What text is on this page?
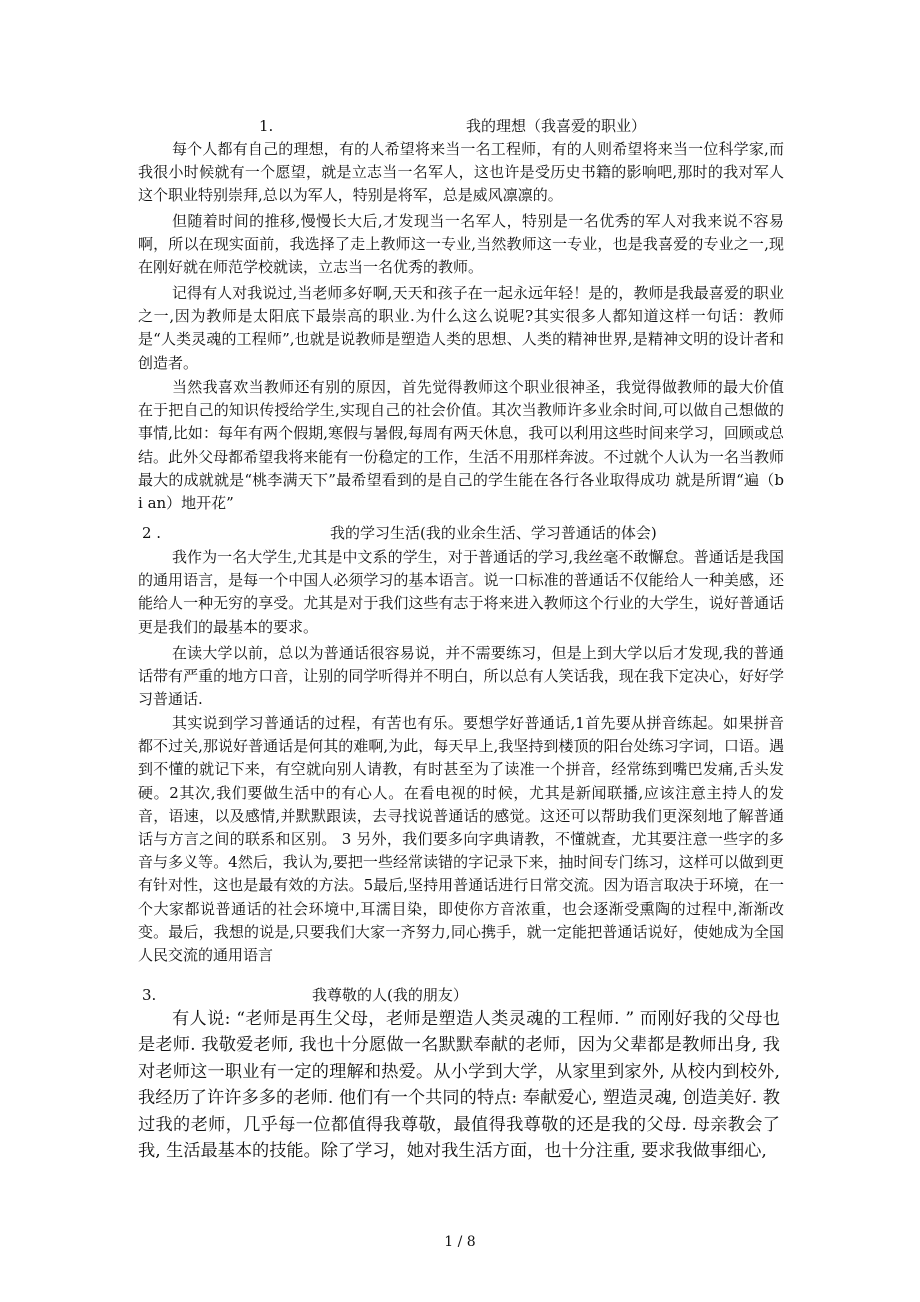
1.	我的理想（我喜爱的职业）

每个人都有自己的理想，有的人希望将来当一名工程师，有的人则希望将来当一位科学家,而我很小时候就有一个愿望，就是立志当一名军人，这也许是受历史书籍的影响吧,那时的我对军人这个职业特别崇拜,总以为军人，特别是将军，总是威风凛凛的。

但随着时间的推移,慢慢长大后,才发现当一名军人，特别是一名优秀的军人对我来说不容易啊，所以在现实面前，我选择了走上教师这一专业,当然教师这一专业，也是我喜爱的专业之一,现在刚好就在师范学校就读，立志当一名优秀的教师。

记得有人对我说过,当老师多好啊,天天和孩子在一起永远年轻！是的，教师是我最喜爱的职业之一,因为教师是太阳底下最崇高的职业.为什么这么说呢?其实很多人都知道这样一句话：教师是“人类灵魂的工程师”,也就是说教师是塑造人类的思想、人类的精神世界,是精神文明的设计者和创造者。

当然我喜欢当教师还有别的原因，首先觉得教师这个职业很神圣，我觉得做教师的最大价值在于把自己的知识传授给学生,实现自己的社会价值。其次当教师许多业余时间,可以做自己想做的事情,比如：每年有两个假期,寒假与暑假,每周有两天休息，我可以利用这些时间来学习，回顾或总结。此外父母都希望我将来能有一份稳定的工作，生活不用那样奔波。不过就个人认为一名当教师最大的成就就是“桃李满天下”最希望看到的是自己的学生能在各行各业取得成功 就是所谓“遍（b i an）地开花”

2 .	我的学习生活(我的业余生活、学习普通话的体会)

我作为一名大学生,尤其是中文系的学生，对于普通话的学习,我丝毫不敢懈怠。普通话是我国的通用语言，是每一个中国人必须学习的基本语言。说一口标准的普通话不仅能给人一种美感，还能给人一种无穷的享受。尤其是对于我们这些有志于将来进入教师这个行业的大学生，说好普通话更是我们的最基本的要求。

在读大学以前，总以为普通话很容易说，并不需要练习，但是上到大学以后才发现,我的普通话带有严重的地方口音，让别的同学听得并不明白，所以总有人笑话我，现在我下定决心，好好学习普通话.

其实说到学习普通话的过程，有苦也有乐。要想学好普通话,1首先要从拼音练起。如果拼音都不过关,那说好普通话是何其的难啊,为此，每天早上,我坚持到楼顶的阳台处练习字词，口语。遇到不懂的就记下来，有空就向别人请教，有时甚至为了读准一个拼音，经常练到嘴巴发痛,舌头发硬。2其次,我们要做生活中的有心人。在看电视的时候，尤其是新闻联播,应该注意主持人的发音，语速，以及感情,并默默跟读，去寻找说普通话的感觉。这还可以帮助我们更深刻地了解普通话与方言之间的联系和区别。 3 另外，我们要多向字典请教，不懂就查，尤其要注意一些字的多音与多义等。4然后，我认为,要把一些经常读错的字记录下来，抽时间专门练习，这样可以做到更有针对性，这也是最有效的方法。5最后,坚持用普通话进行日常交流。因为语言取决于环境，在一个大家都说普通话的社会环境中,耳濡目染，即使你方音浓重，也会逐渐受熏陶的过程中,渐渐改变。最后，我想的说是,只要我们大家一齐努力,同心携手，就一定能把普通话说好，使她成为全国人民交流的通用语言

3.	我尊敬的人(我的朋友）

有人说: “老师是再生父母，老师是塑造人类灵魂的工程师. ” 而刚好我的父母也是老师. 我敬爱老师, 我也十分愿做一名默默奉献的老师，因为父辈都是教师出身, 我对老师这一职业有一定的理解和热爱。从小学到大学，从家里到家外, 从校内到校外, 我经历了许许多多的老师. 他们有一个共同的特点: 奉献爱心, 塑造灵魂, 创造美好. 教过我的老师，几乎每一位都值得我尊敬，最值得我尊敬的还是我的父母. 母亲教会了我, 生活最基本的技能。除了学习，她对我生活方面，也十分注重, 要求我做事细心,

1 / 8
